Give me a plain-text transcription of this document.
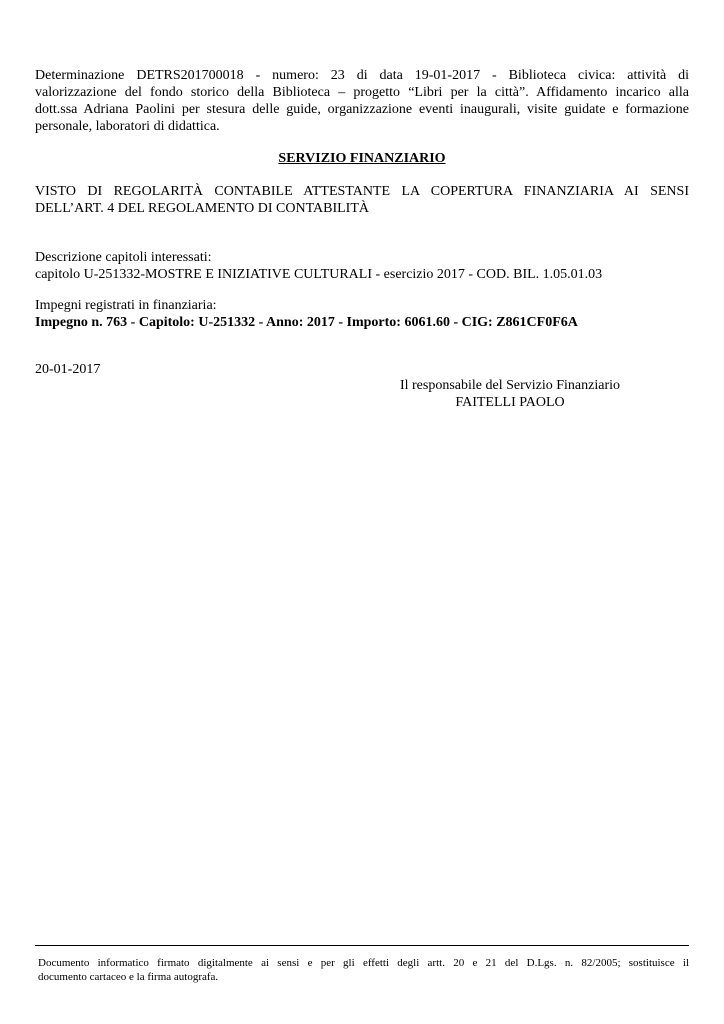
Determinazione DETRS201700018 - numero: 23 di data 19-01-2017 - Biblioteca civica: attività di
valorizzazione del fondo storico della Biblioteca – progetto “Libri per la città”. Affidamento incarico alla
dott.ssa Adriana Paolini per stesura delle guide, organizzazione eventi inaugurali, visite guidate e formazione
personale, laboratori di didattica.
SERVIZIO FINANZIARIO
VISTO DI REGOLARITÀ CONTABILE ATTESTANTE LA COPERTURA FINANZIARIA AI SENSI
DELL’ART. 4 DEL REGOLAMENTO DI CONTABILITÀ
Descrizione capitoli interessati:
capitolo U-251332-MOSTRE E INIZIATIVE CULTURALI - esercizio 2017 - COD. BIL. 1.05.01.03
Impegni registrati in finanziaria:
Impegno n. 763 - Capitolo: U-251332 - Anno: 2017 - Importo: 6061.60 - CIG: Z861CF0F6A
20-01-2017
Il responsabile del Servizio Finanziario
FAITELLI PAOLO
Documento informatico firmato digitalmente ai sensi e per gli effetti degli artt. 20 e 21 del D.Lgs. n. 82/2005; sostituisce il
documento cartaceo e la firma autografa.
